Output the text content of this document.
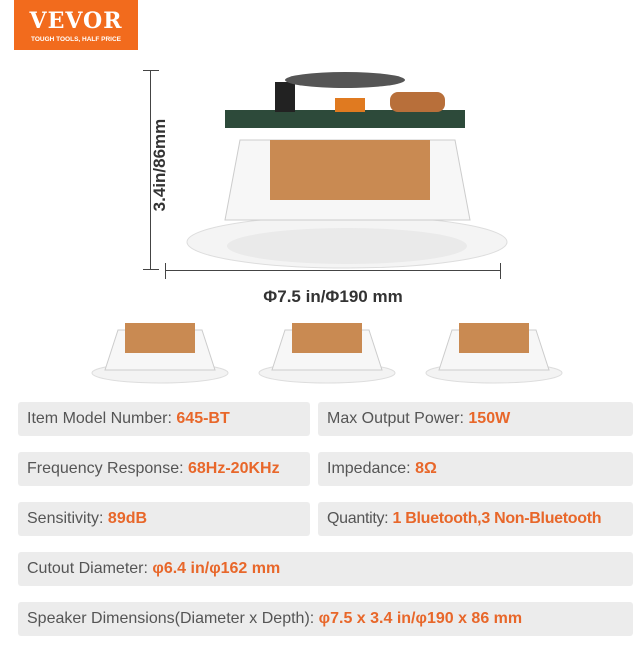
VEVOR
TOUGH TOOLS, HALF PRICE
3.4in/86mm
Φ7.5 in/Φ190 mm
Item Model Number: 645-BT	Max Output Power: 150W
Frequency Response: 68Hz-20KHz	Impedance: 8Ω
Sensitivity: 89dB	Quantity: 1 Bluetooth,3 Non-Bluetooth
Cutout Diameter: φ6.4 in/φ162 mm
Speaker Dimensions(Diameter x Depth): φ7.5 x 3.4 in/φ190 x 86 mm
